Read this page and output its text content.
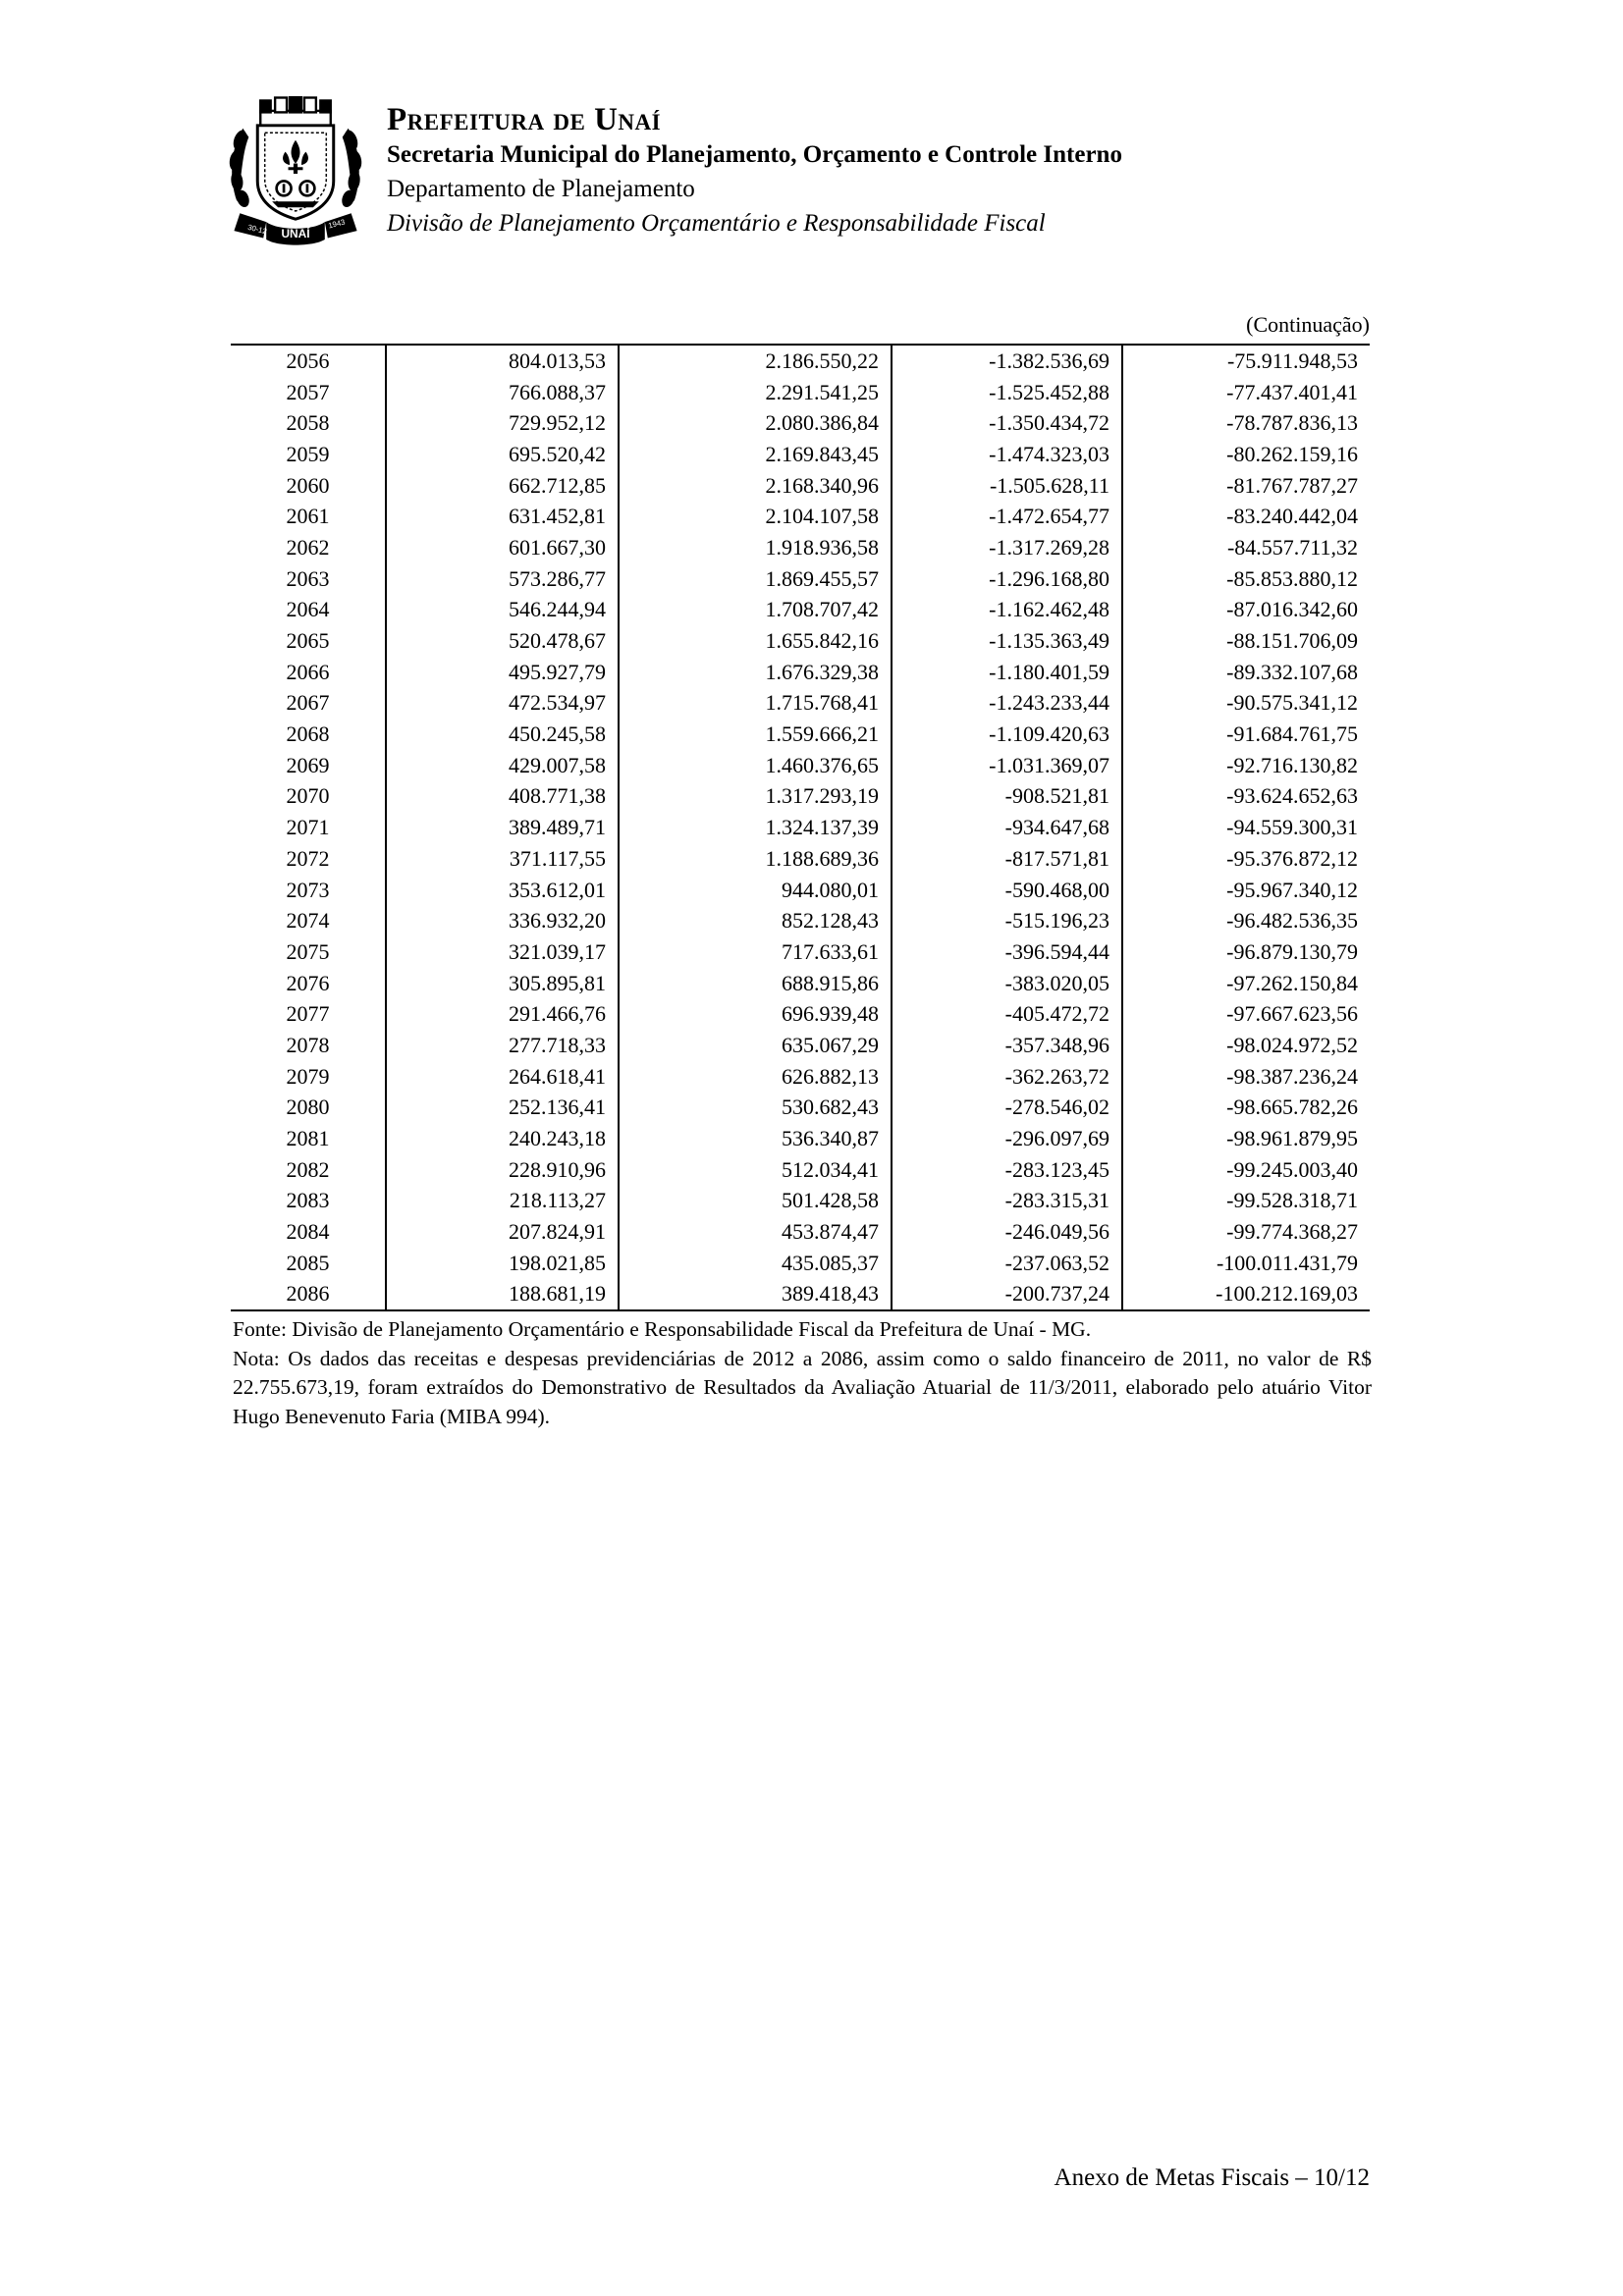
30-12	1943
UNAÍ
Prefeitura de Unaí
Secretaria Municipal do Planejamento, Orçamento e Controle Interno
Departamento de Planejamento
Divisão de Planejamento Orçamentário e Responsabilidade Fiscal
(Continuação)
2056	804.013,53	2.186.550,22	-1.382.536,69	-75.911.948,53
2057	766.088,37	2.291.541,25	-1.525.452,88	-77.437.401,41
2058	729.952,12	2.080.386,84	-1.350.434,72	-78.787.836,13
2059	695.520,42	2.169.843,45	-1.474.323,03	-80.262.159,16
2060	662.712,85	2.168.340,96	-1.505.628,11	-81.767.787,27
2061	631.452,81	2.104.107,58	-1.472.654,77	-83.240.442,04
2062	601.667,30	1.918.936,58	-1.317.269,28	-84.557.711,32
2063	573.286,77	1.869.455,57	-1.296.168,80	-85.853.880,12
2064	546.244,94	1.708.707,42	-1.162.462,48	-87.016.342,60
2065	520.478,67	1.655.842,16	-1.135.363,49	-88.151.706,09
2066	495.927,79	1.676.329,38	-1.180.401,59	-89.332.107,68
2067	472.534,97	1.715.768,41	-1.243.233,44	-90.575.341,12
2068	450.245,58	1.559.666,21	-1.109.420,63	-91.684.761,75
2069	429.007,58	1.460.376,65	-1.031.369,07	-92.716.130,82
2070	408.771,38	1.317.293,19	-908.521,81	-93.624.652,63
2071	389.489,71	1.324.137,39	-934.647,68	-94.559.300,31
2072	371.117,55	1.188.689,36	-817.571,81	-95.376.872,12
2073	353.612,01	944.080,01	-590.468,00	-95.967.340,12
2074	336.932,20	852.128,43	-515.196,23	-96.482.536,35
2075	321.039,17	717.633,61	-396.594,44	-96.879.130,79
2076	305.895,81	688.915,86	-383.020,05	-97.262.150,84
2077	291.466,76	696.939,48	-405.472,72	-97.667.623,56
2078	277.718,33	635.067,29	-357.348,96	-98.024.972,52
2079	264.618,41	626.882,13	-362.263,72	-98.387.236,24
2080	252.136,41	530.682,43	-278.546,02	-98.665.782,26
2081	240.243,18	536.340,87	-296.097,69	-98.961.879,95
2082	228.910,96	512.034,41	-283.123,45	-99.245.003,40
2083	218.113,27	501.428,58	-283.315,31	-99.528.318,71
2084	207.824,91	453.874,47	-246.049,56	-99.774.368,27
2085	198.021,85	435.085,37	-237.063,52	-100.011.431,79
2086	188.681,19	389.418,43	-200.737,24	-100.212.169,03

Fonte: Divisão de Planejamento Orçamentário e Responsabilidade Fiscal da Prefeitura de Unaí - MG.

Nota: Os dados das receitas e despesas previdenciárias de 2012 a 2086, assim como o saldo financeiro de 2011, no valor de R$ 22.755.673,19, foram extraídos do Demonstrativo de Resultados da Avaliação Atuarial de 11/3/2011, elaborado pelo atuário Vitor Hugo Benevenuto Faria (MIBA 994).

Anexo de Metas Fiscais – 10/12
